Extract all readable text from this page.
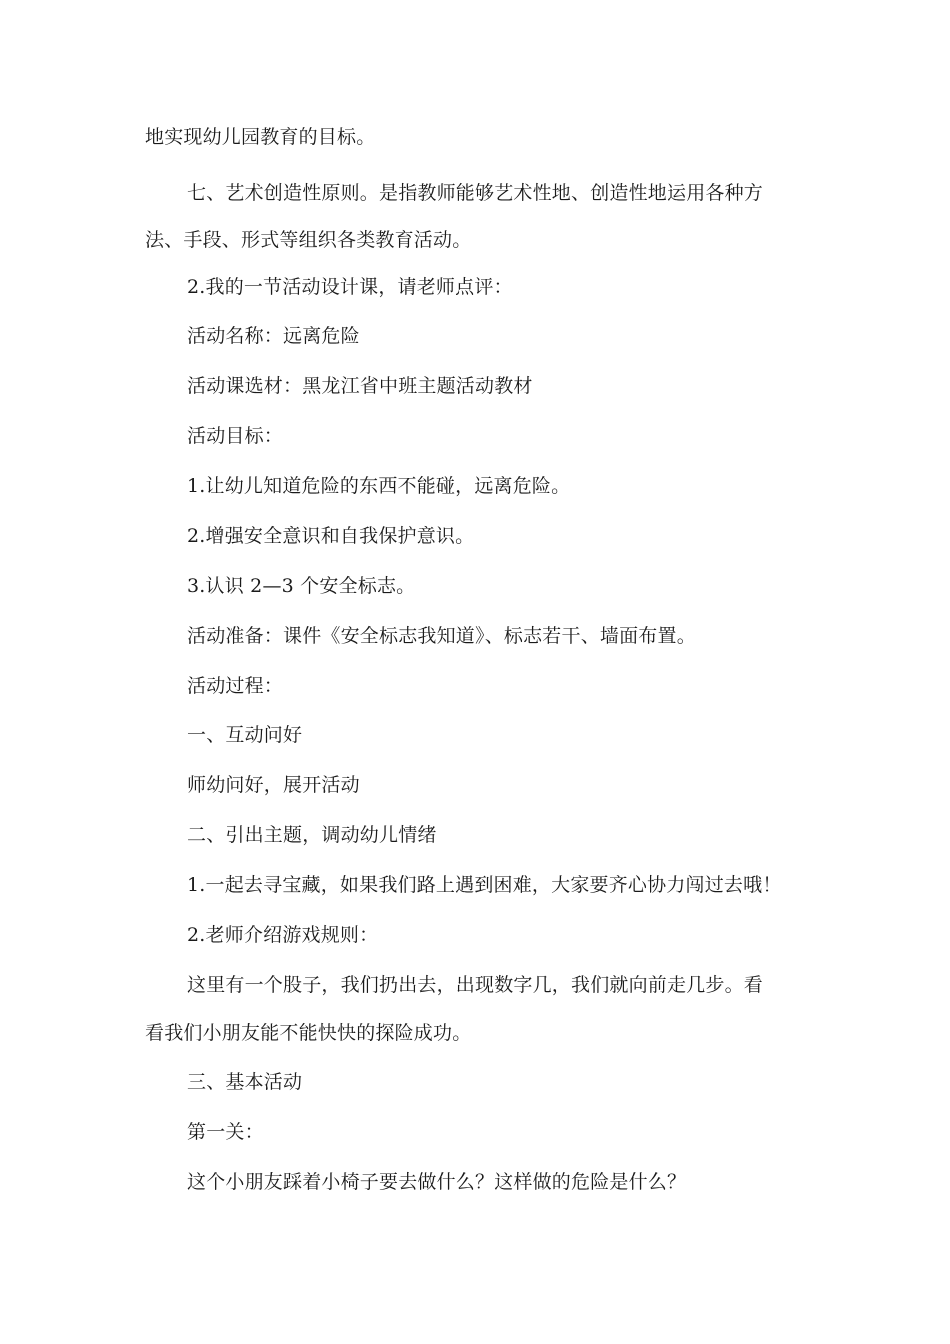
地实现幼儿园教育的目标。
七、艺术创造性原则。是指教师能够艺术性地、创造性地运用各种方
法、手段、形式等组织各类教育活动。
2.我的一节活动设计课，请老师点评：
活动名称：远离危险
活动课选材：黑龙江省中班主题活动教材
活动目标：
1.让幼儿知道危险的东西不能碰，远离危险。
2.增强安全意识和自我保护意识。
3.认识 2—3 个安全标志。
活动准备：课件《安全标志我知道》、标志若干、墙面布置。
活动过程：
一、互动问好
师幼问好，展开活动
二、引出主题，调动幼儿情绪
1.一起去寻宝藏，如果我们路上遇到困难，大家要齐心协力闯过去哦！
2.老师介绍游戏规则：
这里有一个股子，我们扔出去，出现数字几，我们就向前走几步。看
看我们小朋友能不能快快的探险成功。
三、基本活动
第一关：
这个小朋友踩着小椅子要去做什么？这样做的危险是什么？
